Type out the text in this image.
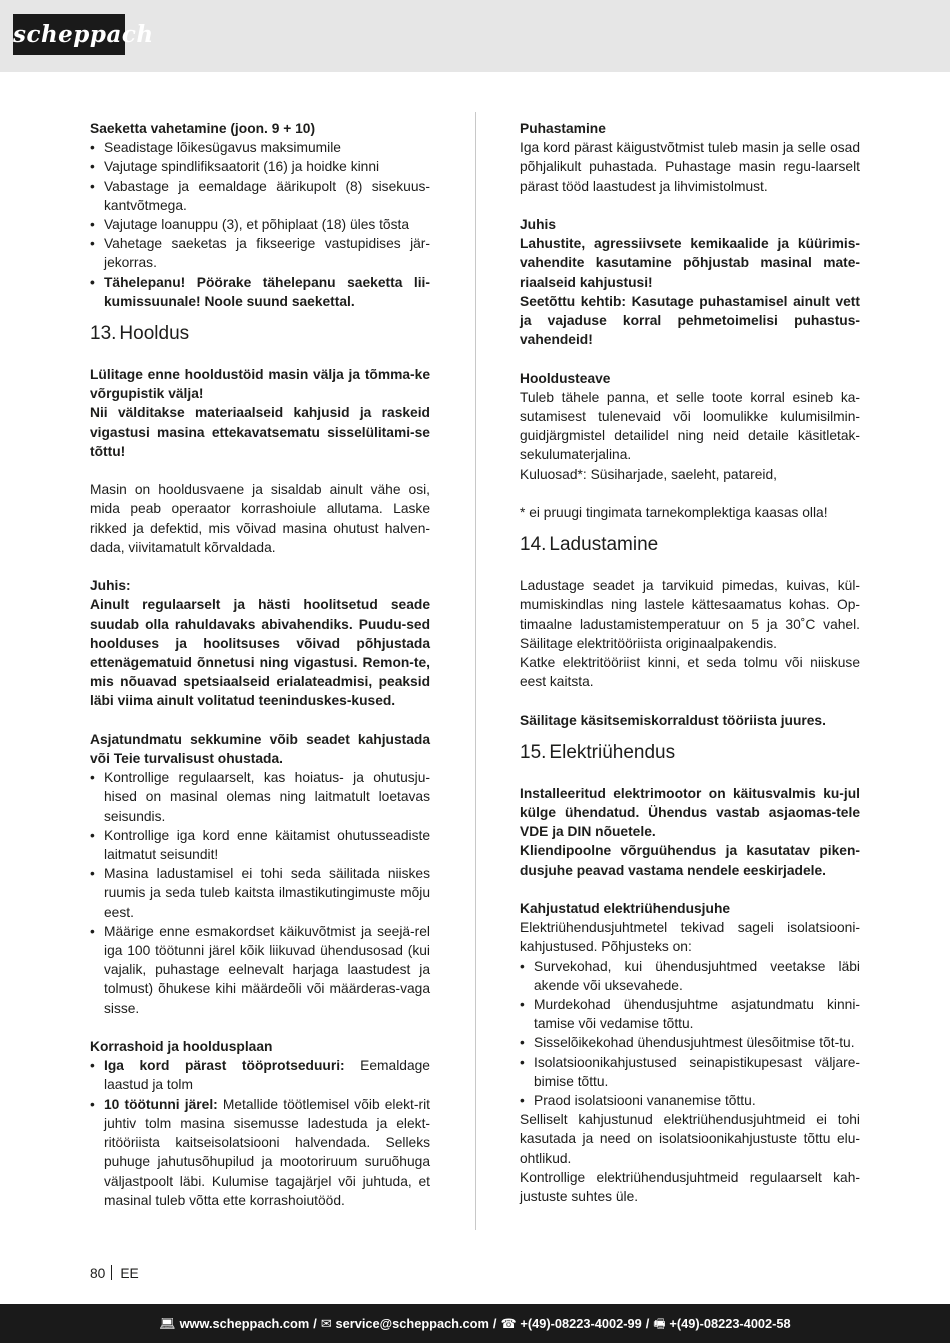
scheppach
Saeketta vahetamine (joon. 9 + 10)
• Seadistage lõikesügavus maksimumile
• Vajutage spindlifiksaatorit (16) ja hoidke kinni
• Vabastage ja eemaldage äärikupolt (8) sisekuus-kantvõtmega.
• Vajutage loanuppu (3), et põhiplaat (18) üles tõsta
• Vahetage saeketas ja fikseerige vastupidises jär-jekorras.
• Tähelepanu! Pöörake tähelepanu saeketta lii-kumissuunale! Noole suund saekettal.
13. Hooldus
Lülitage enne hooldustöid masin välja ja tõmma-ke võrgupistik välja!
Nii välditakse materiaalseid kahjusid ja raskeid vigastusi masina ettekavatsematu sisselülitami-se tõttu!
Masin on hooldusvaene ja sisaldab ainult vähe osi, mida peab operaator korrashoiule allutama. Laske rikked ja defektid, mis võivad masina ohutust halven-dada, viivitamatult kõrvaldada.
Juhis:
Ainult regulaarselt ja hästi hoolitsetud seade suudab olla rahuldavaks abivahendiks. Puudu-sed hoolduses ja hoolitsuses võivad põhjustada ettenägematuid õnnetusi ning vigastusi. Remon-te, mis nõuavad spetsiaalseid erialateadmisi, peaksid läbi viima ainult volitatud teeninduskes-kused.
Asjatundmatu sekkumine võib seadet kahjustada või Teie turvalisust ohustada.
• Kontrollige regulaarselt, kas hoiatus- ja ohutusju-hised on masinal olemas ning laitmatult loetavas seisundis.
• Kontrollige iga kord enne käitamist ohutusseadiste laitmatut seisundit!
• Masina ladustamisel ei tohi seda säilitada niiskes ruumis ja seda tuleb kaitsta ilmastikutingimuste mõju eest.
• Määrige enne esmakordset käikuvõtmist ja seejä-rel iga 100 töötunni järel kõik liikuvad ühendusosad (kui vajalik, puhastage eelnevalt harjaga laastudest ja tolmust) õhukese kihi määrdeõli või määrderas-vaga sisse.
Korrashoid ja hooldusplaan
• Iga kord pärast tööprotseduuri: Eemaldage laastud ja tolm
• 10 töötunni järel: Metallide töötlemisel võib elekt-rit juhtiv tolm masina sisemusse ladestuda ja elekt-ritööriista kaitseisolatsiooni halvendada. Selleks puhuge jahutusõhupilud ja mootoriruum suruõhuga väljastpoolt läbi. Kulumise tagajärjel või juhtuda, et masinal tuleb võtta ette korrashoiutööd.
Puhastamine
Iga kord pärast käigustvõtmist tuleb masin ja selle osad põhjalikult puhastada. Puhastage masin regu-laarselt pärast tööd laastudest ja lihvimistolmust.
Juhis
Lahustite, agressiivsete kemikaalide ja küürimis-vahendite kasutamine põhjustab masinal mate-riaalseid kahjustusi!
Seetõttu kehtib: Kasutage puhastamisel ainult vett ja vajaduse korral pehmetoimelisi puhastus-vahendeid!
Hooldusteave
Tuleb tähele panna, et selle toote korral esineb ka-sutamisest tulenevaid või loomulikke kulumisilmin-guidjärgmistel detailidel ning neid detaile käsitletak-sekulumaterjalina.
Kuluosad*: Süsiharjade, saeleht, patareid,
* ei pruugi tingimata tarnekomplektiga kaasas olla!
14. Ladustamine
Ladustage seadet ja tarvikuid pimedas, kuivas, kül-mumiskindlas ning lastele kättesaamatus kohas. Op-timaalne ladustamistemperatuur on 5 ja 30˚C vahel. Säilitage elektritööriista originaalpakendis.
Katke elektritööriist kinni, et seda tolmu või niiskuse eest kaitsta.
Säilitage käsitsemiskorraldust tööriista juures.
15. Elektriühendus
Installeeritud elektrimootor on käitusvalmis ku-jul külge ühendatud. Ühendus vastab asjaomas-tele VDE ja DIN nõuetele.
Kliendipoolne võrguühendus ja kasutatav piken-dusjuhe peavad vastama nendele eeskirjadele.
Kahjustatud elektriühendusjuhe
Elektriühendusjuhtmetel tekivad sageli isolatsiooni-kahjustused. Põhjusteks on:
• Survekohad, kui ühendusjuhtmed veetakse läbi akende või uksevahede.
• Murdekohad ühendusjuhtme asjatundmatu kinni-tamise või vedamise tõttu.
• Sisselõikekohad ühendusjuhtmest ülesõitmise tõt-tu.
• Isolatsioonikahjustused seinapistikupesast väljare-bimise tõttu.
• Praod isolatsiooni vananemise tõttu.
Selliselt kahjustunud elektriühendusjuhtmeid ei tohi kasutada ja need on isolatsioonikahjustuste tõttu elu-ohtlikud.
Kontrollige elektriühendusjuhtmeid regulaarselt kah-justuste suhtes üle.
80 EE
💻︎ www.scheppach.com / ✉︎ service@scheppach.com / ☎ +(49)-08223-4002-99 / 🖷︎ +(49)-08223-4002-58
